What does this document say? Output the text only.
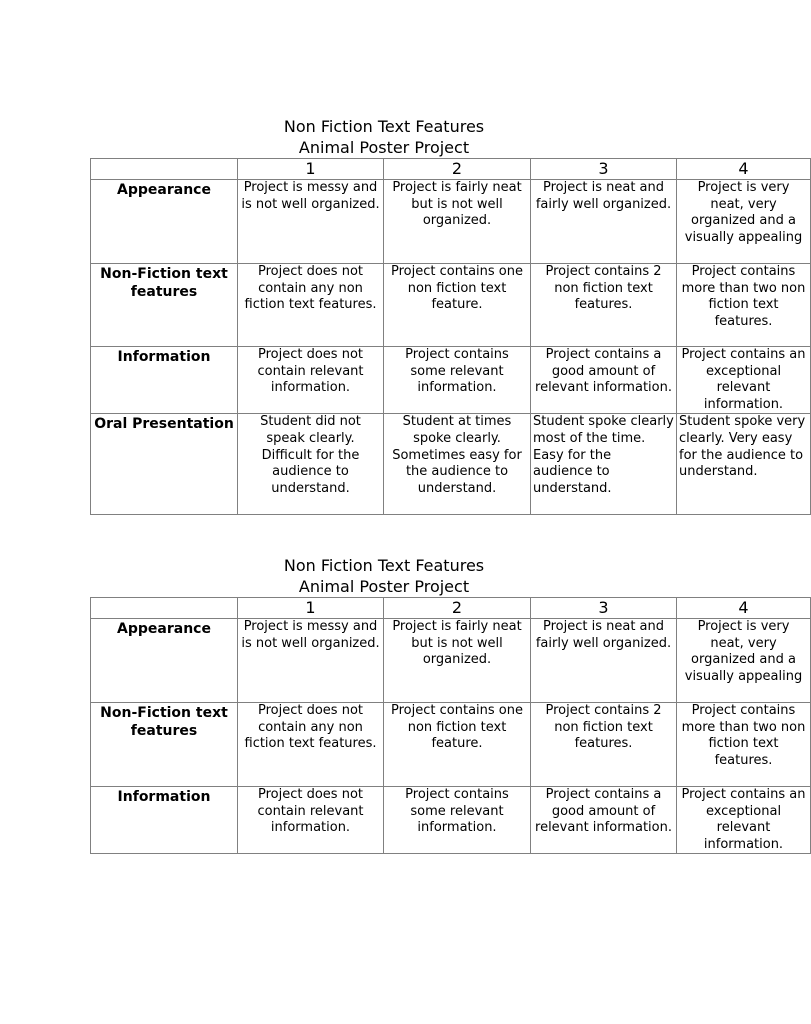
Non Fiction Text Features

Animal Poster Project

	1	2	3	4
Appearance	Project is messy and is not well organized.	Project is fairly neat but is not well organized.	Project is neat and fairly well organized.	Project is very neat, very organized and a visually appealing
Non-Fiction text features	Project does not contain any non fiction text features.	Project contains one non fiction text feature.	Project contains 2 non fiction text features.	Project contains more than two non fiction text features.
Information	Project does not contain relevant information.	Project contains some relevant information.	Project contains a good amount of relevant information.	Project contains an exceptional relevant information.
Oral Presentation	Student did not speak clearly. Difficult for the audience to understand.	Student at times spoke clearly. Sometimes easy for the audience to understand.	Student spoke clearly most of the time. Easy for the audience to understand.	Student spoke very clearly. Very easy for the audience to understand.

Non Fiction Text Features

Animal Poster Project

	1	2	3	4
Appearance	Project is messy and is not well organized.	Project is fairly neat but is not well organized.	Project is neat and fairly well organized.	Project is very neat, very organized and a visually appealing
Non-Fiction text features	Project does not contain any non fiction text features.	Project contains one non fiction text feature.	Project contains 2 non fiction text features.	Project contains more than two non fiction text features.
Information	Project does not contain relevant information.	Project contains some relevant information.	Project contains a good amount of relevant information.	Project contains an exceptional relevant information.
